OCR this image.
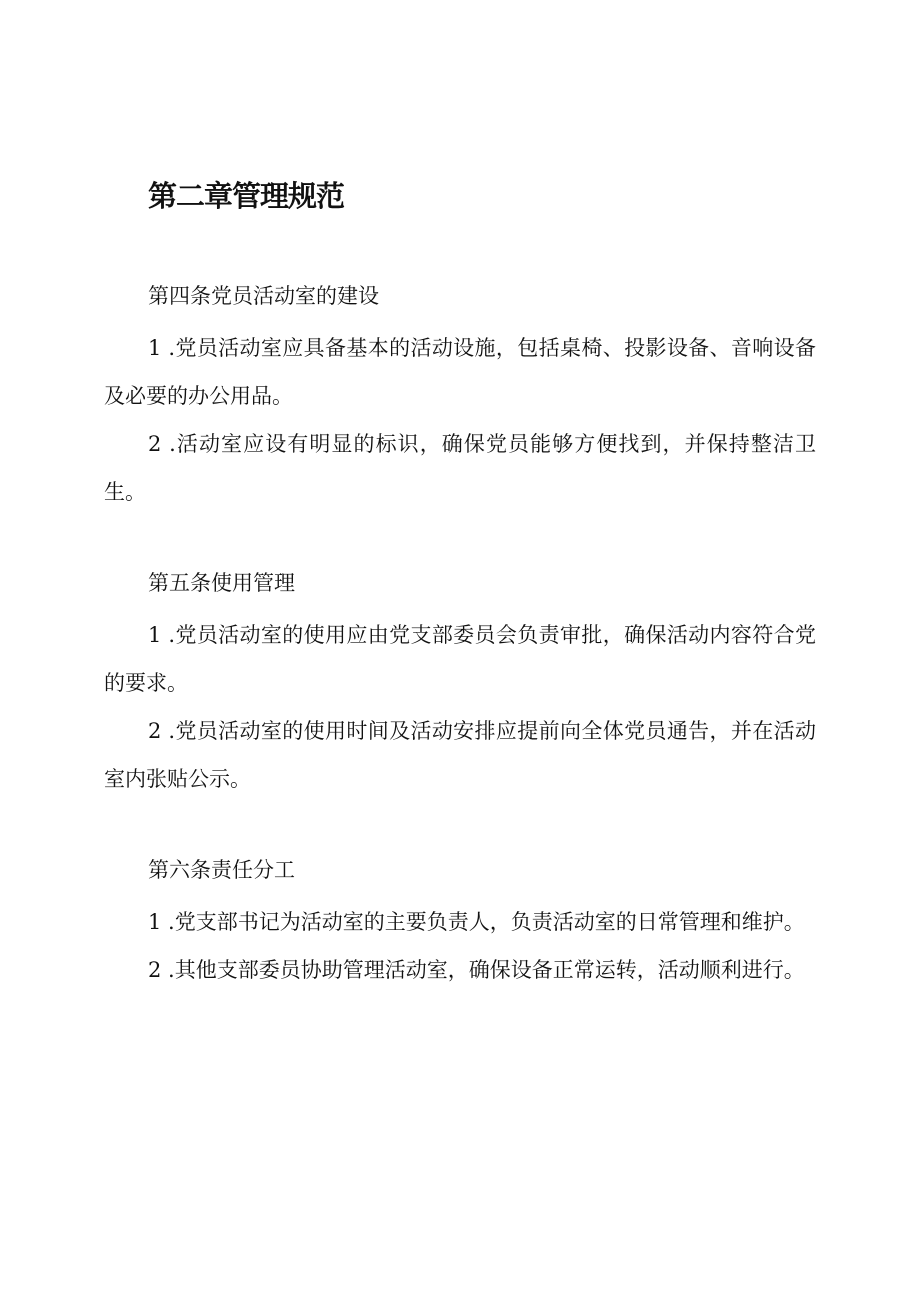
第二章管理规范

第四条党员活动室的建设

1 .党员活动室应具备基本的活动设施，包括桌椅、投影设备、音响设备及必要的办公用品。

2 .活动室应设有明显的标识，确保党员能够方便找到，并保持整洁卫生。

第五条使用管理

1 .党员活动室的使用应由党支部委员会负责审批，确保活动内容符合党的要求。

2 .党员活动室的使用时间及活动安排应提前向全体党员通告，并在活动室内张贴公示。

第六条责任分工

1 .党支部书记为活动室的主要负责人，负责活动室的日常管理和维护。

2 .其他支部委员协助管理活动室，确保设备正常运转，活动顺利进行。
